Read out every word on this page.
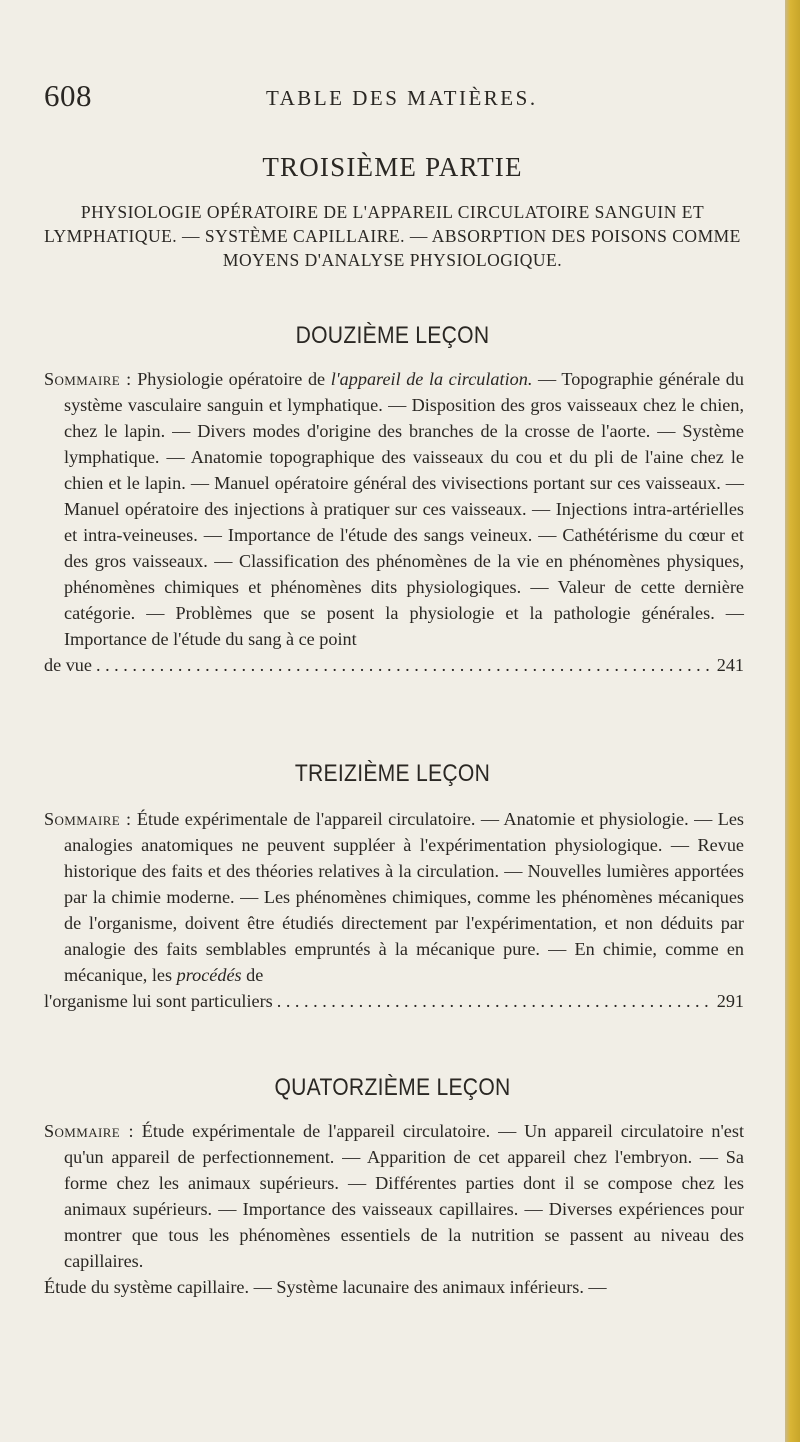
608	TABLE DES MATIÈRES.
TROISIÈME PARTIE
PHYSIOLOGIE OPÉRATOIRE DE L'APPAREIL CIRCULATOIRE SANGUIN ET LYMPHATIQUE. — SYSTÈME CAPILLAIRE. — ABSORPTION DES POISONS COMME MOYENS D'ANALYSE PHYSIOLOGIQUE.
DOUZIÈME LEÇON
Sommaire : Physiologie opératoire de l'appareil de la circulation. — Topographie générale du système vasculaire sanguin et lymphatique. — Disposition des gros vaisseaux chez le chien, chez le lapin. — Divers modes d'origine des branches de la crosse de l'aorte. — Système lymphatique. — Anatomie topographique des vaisseaux du cou et du pli de l'aine chez le chien et le lapin. — Manuel opératoire général des vivisections portant sur ces vaisseaux. — Manuel opératoire des injections à pratiquer sur ces vaisseaux. — Injections intra-artérielles et intra-veineuses. — Importance de l'étude des sangs veineux. — Cathétérisme du cœur et des gros vaisseaux. — Classification des phénomènes de la vie en phénomènes physiques, phénomènes chimiques et phénomènes dits physiologiques. — Valeur de cette dernière catégorie. — Problèmes que se posent la physiologie et la pathologie générales. — Importance de l'étude du sang à ce point
de vue . . .	241
TREIZIÈME LEÇON
Sommaire : Étude expérimentale de l'appareil circulatoire. — Anatomie et physiologie. — Les analogies anatomiques ne peuvent suppléer à l'expérimentation physiologique. — Revue historique des faits et des théories relatives à la circulation. — Nouvelles lumières apportées par la chimie moderne. — Les phénomènes chimiques, comme les phénomènes mécaniques de l'organisme, doivent être étudiés directement par l'expérimentation, et non déduits par analogie des faits semblables empruntés à la mécanique pure. — En chimie, comme en mécanique, les procédés de
l'organisme lui sont particuliers . . .	291
QUATORZIÈME LEÇON
Sommaire : Étude expérimentale de l'appareil circulatoire. — Un appareil circulatoire n'est qu'un appareil de perfectionnement. — Apparition de cet appareil chez l'embryon. — Sa forme chez les animaux supérieurs. — Différentes parties dont il se compose chez les animaux supérieurs. — Importance des vaisseaux capillaires. — Diverses expériences pour montrer que tous les phénomènes essentiels de la nutrition se passent au niveau des capillaires.
Étude du système capillaire. — Système lacunaire des animaux inférieurs. —
